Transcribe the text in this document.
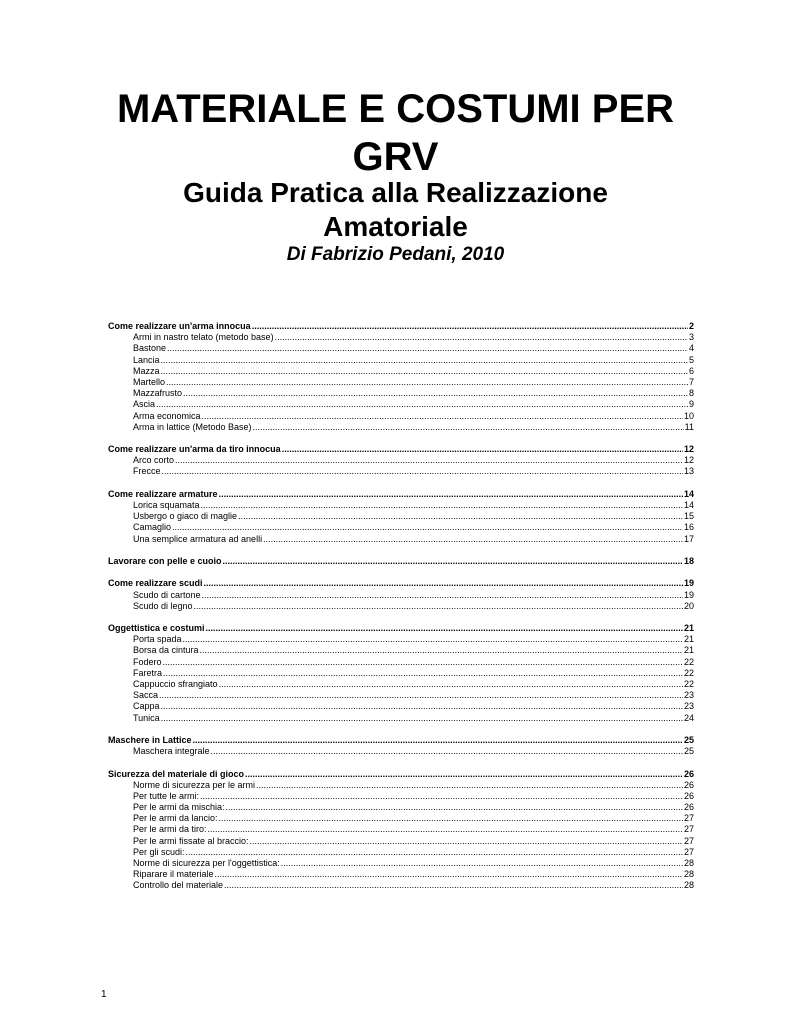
MATERIALE E COSTUMI PER
GRV
Guida Pratica alla Realizzazione
Amatoriale
Di Fabrizio Pedani, 2010
Come realizzare un'arma innocua .....	2
Armi in nastro telato (metodo base) .....	3
Bastone .....	4
Lancia .....	5
Mazza .....	6
Martello .....	7
Mazzafrusto .....	8
Ascia .....	9
Arma economica .....	10
Arma in lattice (Metodo Base) .....	11
Come realizzare un'arma da tiro innocua .....	12
Arco corto .....	12
Frecce .....	13
Come realizzare armature .....	14
Lorica squamata .....	14
Usbergo o giaco di maglie .....	15
Camaglio .....	16
Una semplice armatura ad anelli .....	17
Lavorare con pelle e cuoio .....	18
Come realizzare scudi .....	19
Scudo di cartone .....	19
Scudo di legno .....	20
Oggettistica e costumi .....	21
Porta spada .....	21
Borsa da cintura .....	21
Fodero .....	22
Faretra .....	22
Cappuccio sfrangiato .....	22
Sacca .....	23
Cappa .....	23
Tunica .....	24
Maschere in Lattice .....	25
Maschera integrale .....	25
Sicurezza del materiale di gioco .....	26
Norme di sicurezza per le armi .....	26
Per tutte le armi: .....	26
Per le armi da mischia: .....	26
Per le armi da lancio: .....	27
Per le armi da tiro: .....	27
Per le armi fissate al braccio: .....	27
Per gli scudi: .....	27
Norme di sicurezza per l'oggettistica: .....	28
Riparare il materiale .....	28
Controllo del materiale .....	28
1
